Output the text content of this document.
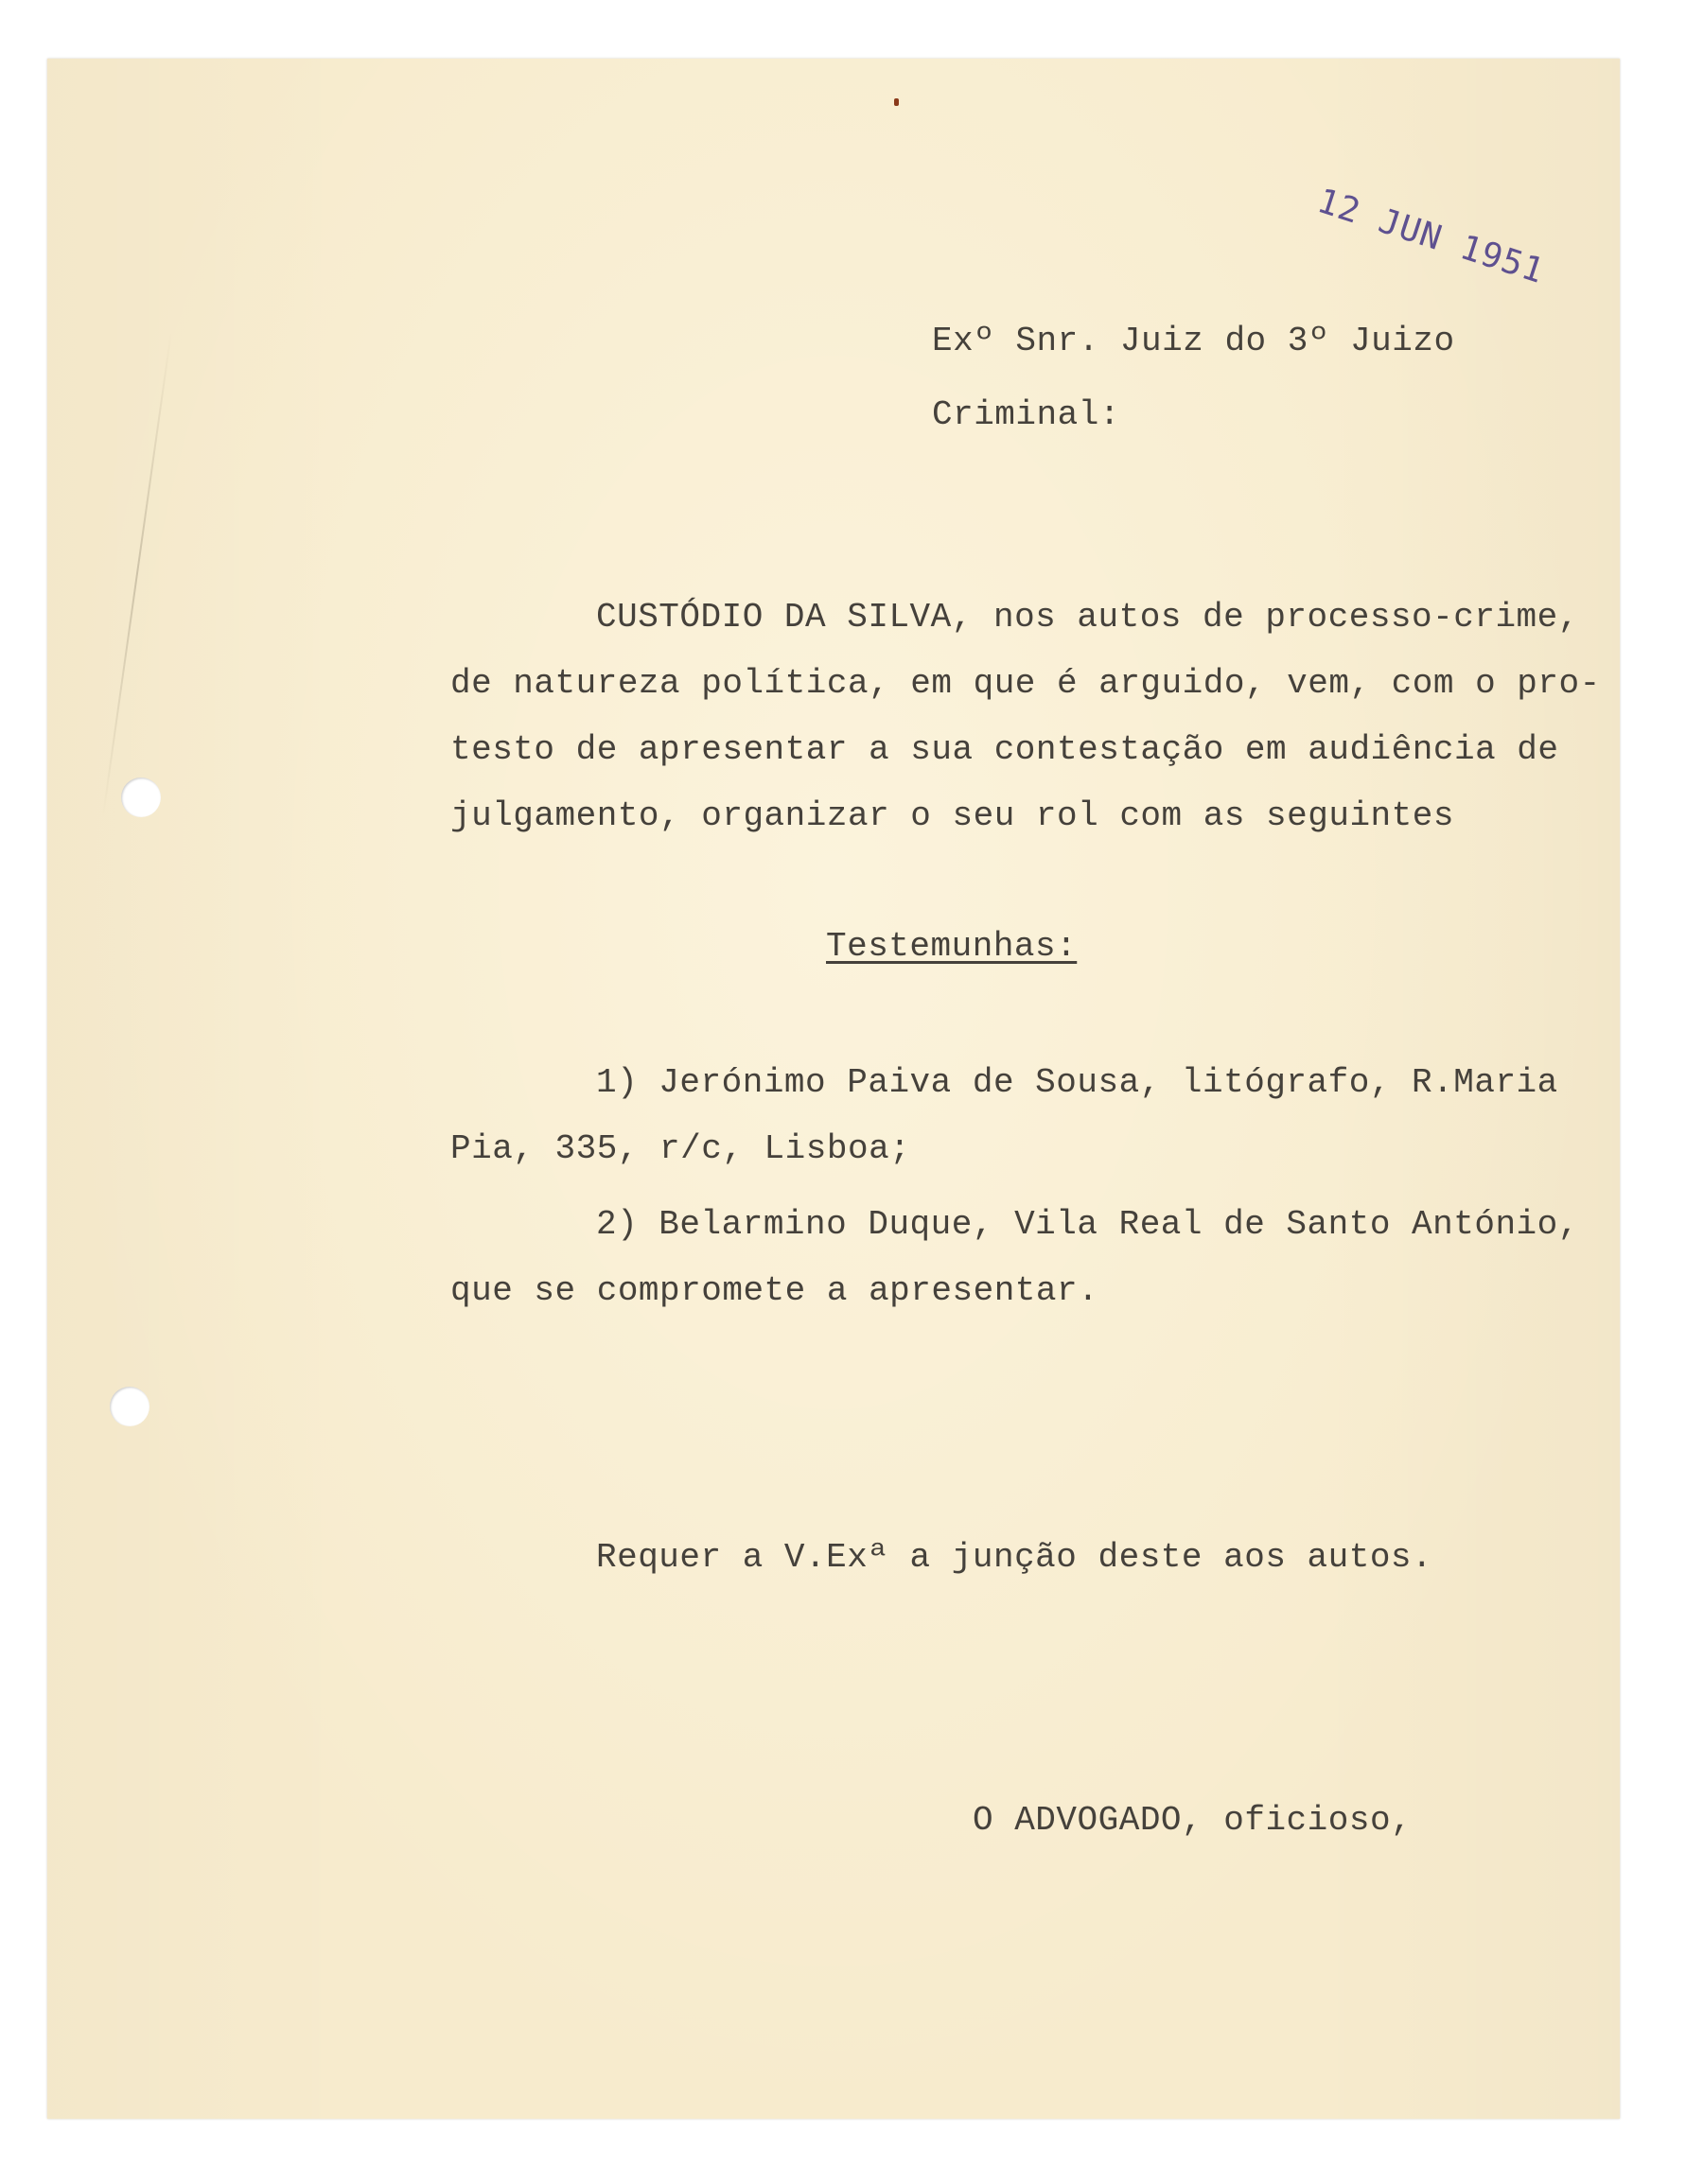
12 JUN 1951

Exº Snr. Juiz do 3º Juizo

Criminal:

CUSTÓDIO DA SILVA, nos autos de processo-crime,

de natureza política, em que é arguido, vem, com o pro-

testo de apresentar a sua contestação em audiência de

julgamento, organizar o seu rol com as seguintes

Testemunhas:

1) Jerónimo Paiva de Sousa, litógrafo, R.Maria

Pia, 335, r/c, Lisboa;

2) Belarmino Duque, Vila Real de Santo António,

que se compromete a apresentar.

Requer a V.Exª a junção deste aos autos.

O ADVOGADO, oficioso,
